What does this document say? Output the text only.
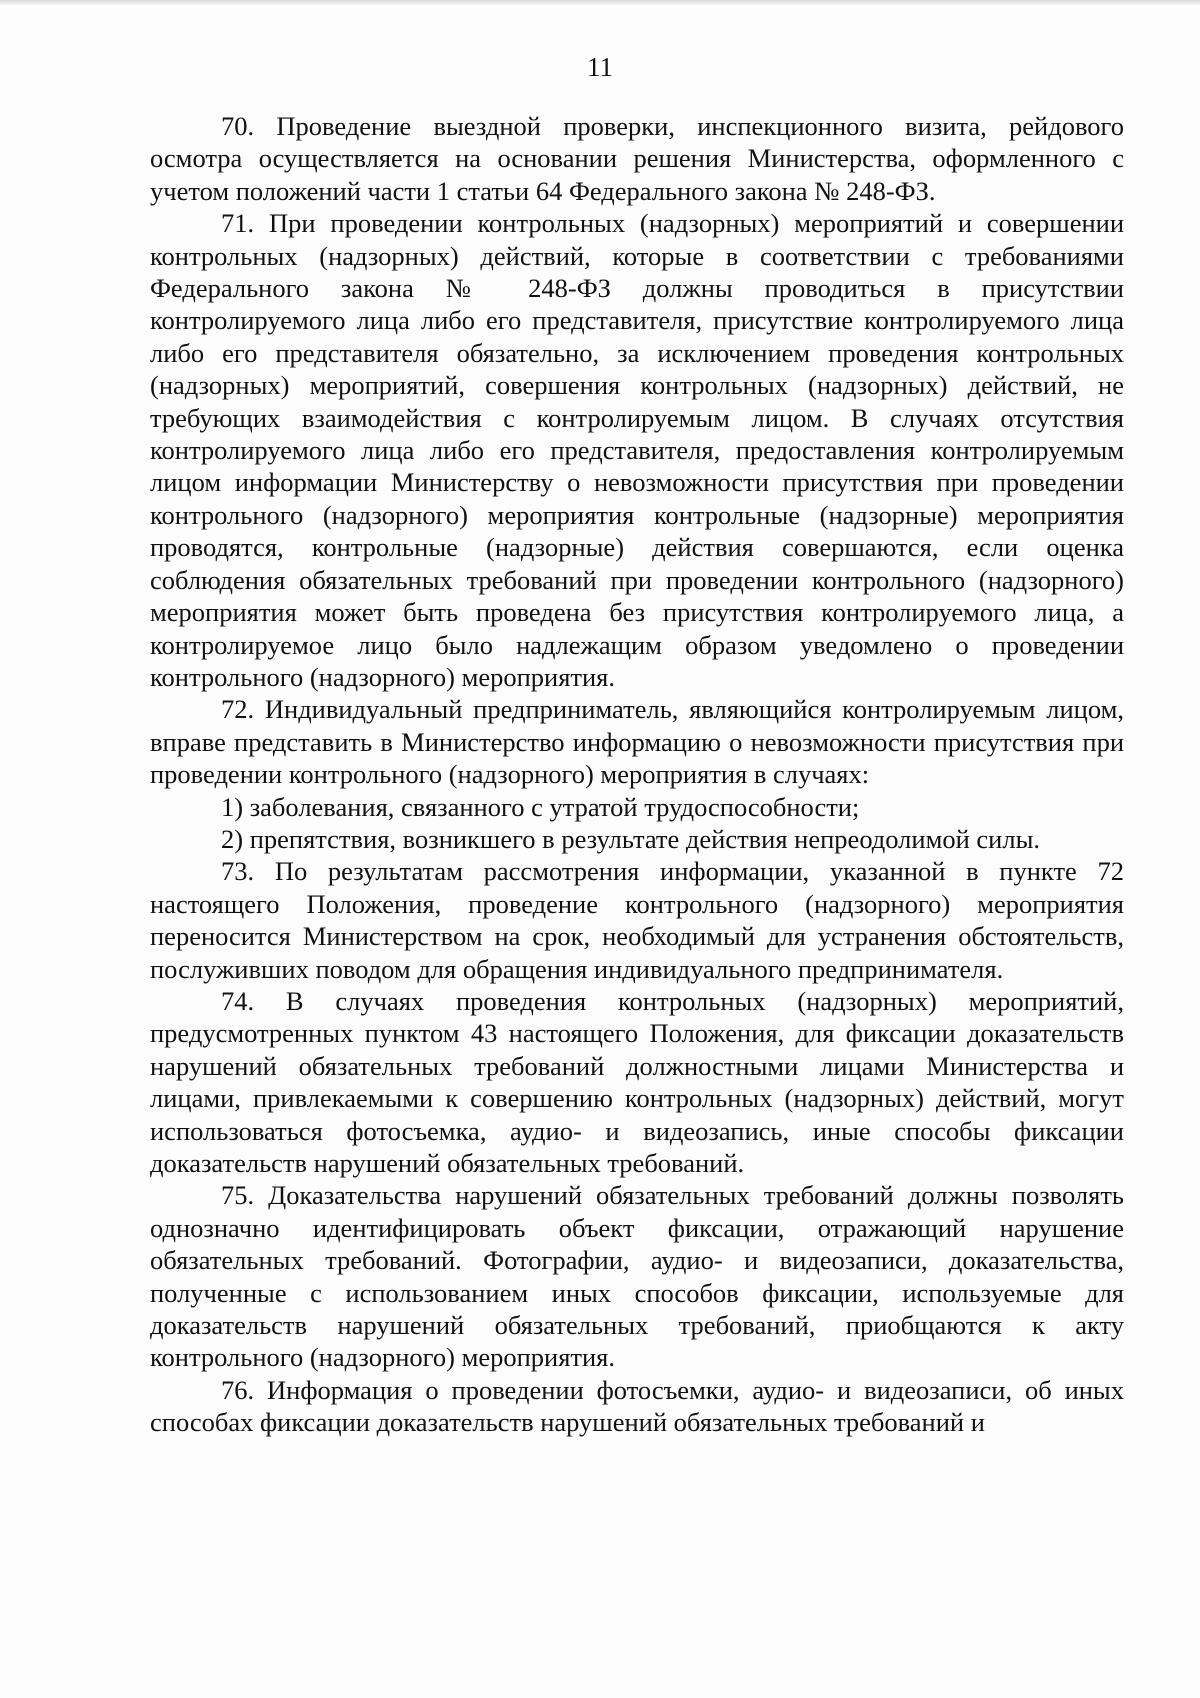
11

70. Проведение выездной проверки, инспекционного визита, рейдового осмотра осуществляется на основании решения Министерства, оформленного с учетом положений части 1 статьи 64 Федерального закона № 248-ФЗ.

71. При проведении контрольных (надзорных) мероприятий и совершении контрольных (надзорных) действий, которые в соответствии с требованиями Федерального закона № 248-ФЗ должны проводиться в присутствии контролируемого лица либо его представителя, присутствие контролируемого лица либо его представителя обязательно, за исключением проведения контрольных (надзорных) мероприятий, совершения контрольных (надзорных) действий, не требующих взаимодействия с контролируемым лицом. В случаях отсутствия контролируемого лица либо его представителя, предоставления контролируемым лицом информации Министерству о невозможности присутствия при проведении контрольного (надзорного) мероприятия контрольные (надзорные) мероприятия проводятся, контрольные (надзорные) действия совершаются, если оценка соблюдения обязательных требований при проведении контрольного (надзорного) мероприятия может быть проведена без присутствия контролируемого лица, а контролируемое лицо было надлежащим образом уведомлено о проведении контрольного (надзорного) мероприятия.

72. Индивидуальный предприниматель, являющийся контролируемым лицом, вправе представить в Министерство информацию о невозможности присутствия при проведении контрольного (надзорного) мероприятия в случаях:

1) заболевания, связанного с утратой трудоспособности;

2) препятствия, возникшего в результате действия непреодолимой силы.

73. По результатам рассмотрения информации, указанной в пункте 72 настоящего Положения, проведение контрольного (надзорного) мероприятия переносится Министерством на срок, необходимый для устранения обстоятельств, послуживших поводом для обращения индивидуального предпринимателя.

74. В случаях проведения контрольных (надзорных) мероприятий, предусмотренных пунктом 43 настоящего Положения, для фиксации доказательств нарушений обязательных требований должностными лицами Министерства и лицами, привлекаемыми к совершению контрольных (надзорных) действий, могут использоваться фотосъемка, аудио- и видеозапись, иные способы фиксации доказательств нарушений обязательных требований.

75. Доказательства нарушений обязательных требований должны позволять однозначно идентифицировать объект фиксации, отражающий нарушение обязательных требований. Фотографии, аудио- и видеозаписи, доказательства, полученные с использованием иных способов фиксации, используемые для доказательств нарушений обязательных требований, приобщаются к акту контрольного (надзорного) мероприятия.

76. Информация о проведении фотосъемки, аудио- и видеозаписи, об иных способах фиксации доказательств нарушений обязательных требований и
